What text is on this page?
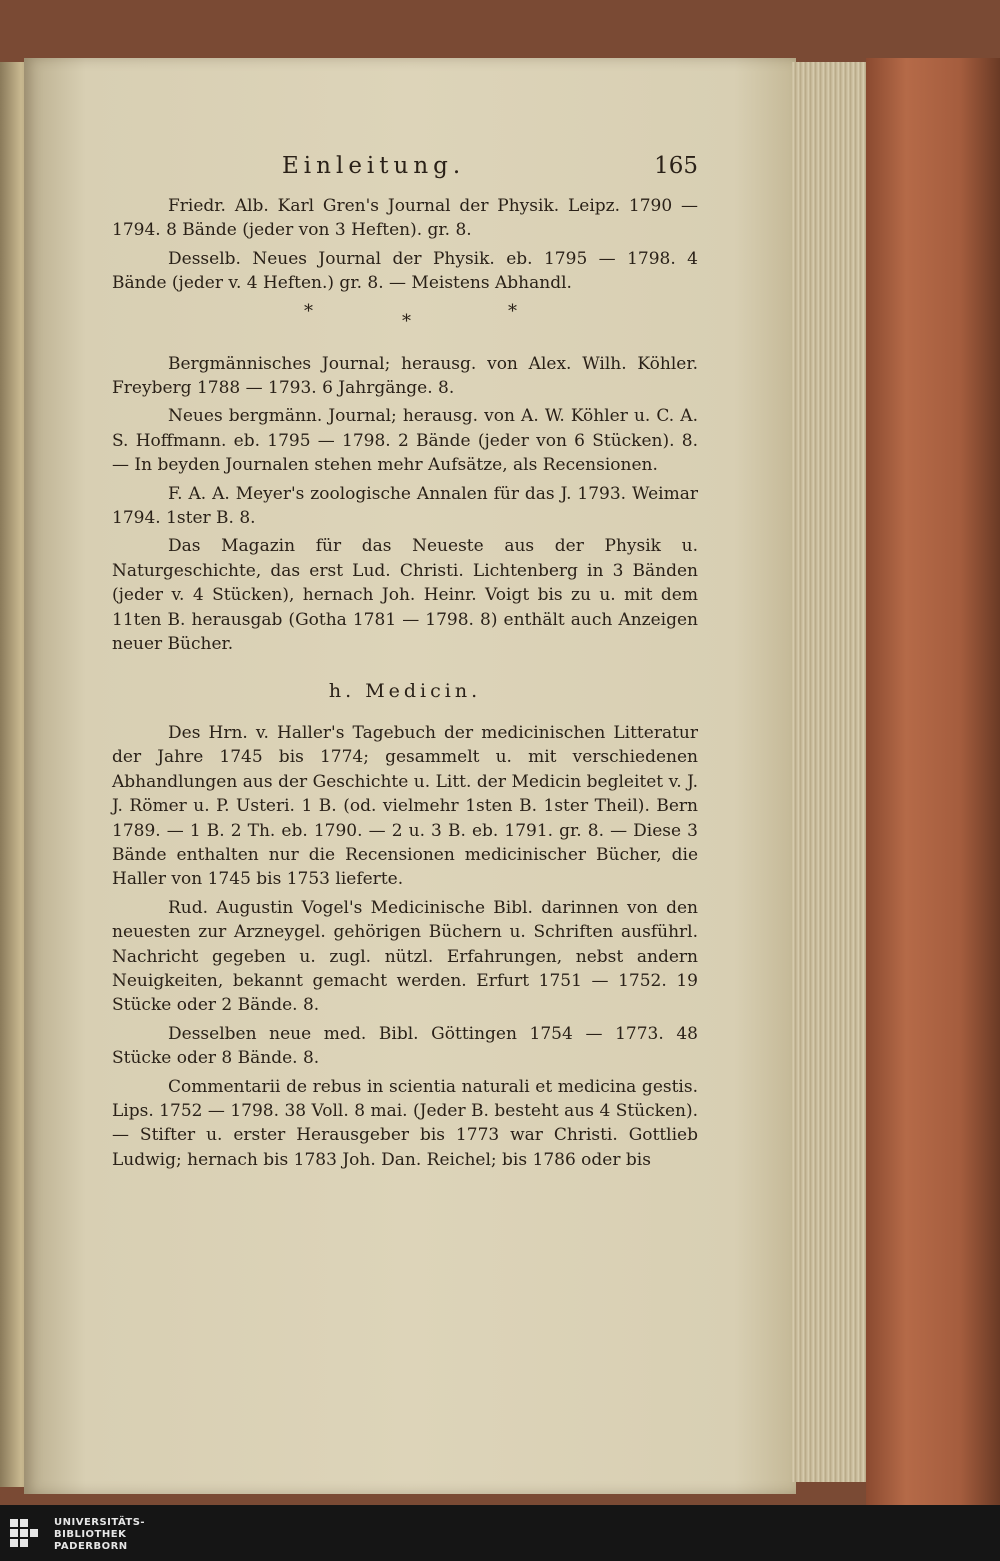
Einleitung.	165

Friedr. Alb. Karl Gren's Journal der Physik. Leipz. 1790 — 1794. 8 Bände (jeder von 3 Heften). gr. 8.

Desselb. Neues Journal der Physik. eb. 1795 — 1798. 4 Bände (jeder v. 4 Heften.) gr. 8. — Meistens Abhandl.

*	*	*

Bergmännisches Journal; herausg. von Alex. Wilh. Köhler. Freyberg 1788 — 1793. 6 Jahrgänge. 8.

Neues bergmänn. Journal; herausg. von A. W. Köhler u. C. A. S. Hoffmann. eb. 1795 — 1798. 2 Bände (jeder von 6 Stücken). 8. — In beyden Journalen stehen mehr Aufsätze, als Recensionen.

F. A. A. Meyer's zoologische Annalen für das J. 1793. Weimar 1794. 1ster B. 8.

Das Magazin für das Neueste aus der Physik u. Naturgeschichte, das erst Lud. Christi. Lichtenberg in 3 Bänden (jeder v. 4 Stücken), hernach Joh. Heinr. Voigt bis zu u. mit dem 11ten B. herausgab (Gotha 1781 — 1798. 8) enthält auch Anzeigen neuer Bücher.

h. Medicin.

Des Hrn. v. Haller's Tagebuch der medicinischen Litteratur der Jahre 1745 bis 1774; gesammelt u. mit verschiedenen Abhandlungen aus der Geschichte u. Litt. der Medicin begleitet v. J. J. Römer u. P. Usteri. 1 B. (od. vielmehr 1sten B. 1ster Theil). Bern 1789. — 1 B. 2 Th. eb. 1790. — 2 u. 3 B. eb. 1791. gr. 8. — Diese 3 Bände enthalten nur die Recensionen medicinischer Bücher, die Haller von 1745 bis 1753 lieferte.

Rud. Augustin Vogel's Medicinische Bibl. darinnen von den neuesten zur Arzneygel. gehörigen Büchern u. Schriften ausführl. Nachricht gegeben u. zugl. nützl. Erfahrungen, nebst andern Neuigkeiten, bekannt gemacht werden. Erfurt 1751 — 1752. 19 Stücke oder 2 Bände. 8.

Desselben neue med. Bibl. Göttingen 1754 — 1773. 48 Stücke oder 8 Bände. 8.

Commentarii de rebus in scientia naturali et medicina gestis. Lips. 1752 — 1798. 38 Voll. 8 mai. (Jeder B. besteht aus 4 Stücken). — Stifter u. erster Herausgeber bis 1773 war Christi. Gottlieb Ludwig; hernach bis 1783 Joh. Dan. Reichel; bis 1786 oder bis

UNIVERSITÄTS-
BIBLIOTHEK
PADERBORN
